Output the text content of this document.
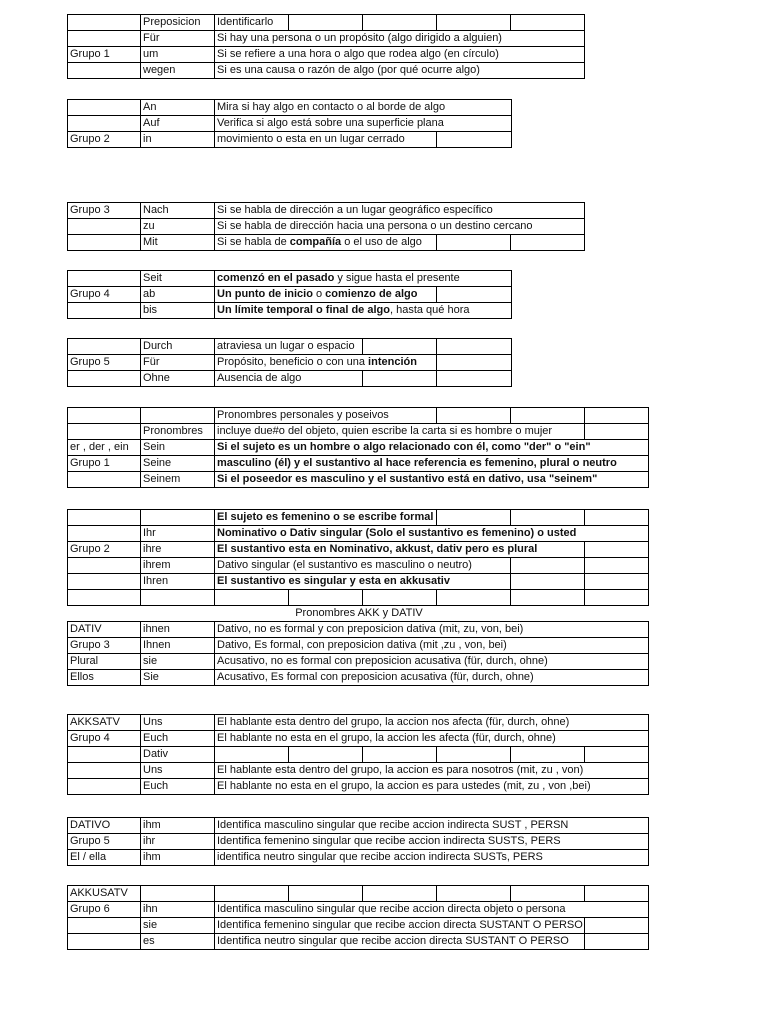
	Preposicion	Identificarlo				
	Für	Si hay una persona o un propósito (algo dirigido a alguien)				
Grupo 1	um	Si se refiere a una hora o algo que rodea algo (en círculo)				
	wegen	Si es una causa o razón de algo (por qué ocurre algo)				
	An	Mira si hay algo en contacto o al borde de algo	
	Auf	Verifica si algo está sobre una superficie plana	
Grupo 2	in	movimiento o esta en un lugar cerrado	
Grupo 3	Nach	Si se habla de dirección a un lugar geográfico específico		
	zu	Si se habla de dirección hacia una persona o un destino cercano		
	Mit	Si se habla de compañía o el uso de algo		
	Seit	comenzó en el pasado y sigue hasta el presente	
Grupo 4	ab	Un punto de inicio o comienzo de algo	
	bis	Un límite temporal o final de algo, hasta qué hora	
	Durch	atraviesa un lugar o espacio		
Grupo 5	Für	Propósito, beneficio o con una intención		
	Ohne	Ausencia de algo		
		Pronombres personales y poseivos			
	Pronombres	incluye due#o del objeto, quien escribe la carta si es hombre o mujer			
er , der , ein	Sein	Si el sujeto es un hombre o algo relacionado con él, como "der" o "ein"			
Grupo 1	Seine	masculino (él) y el sustantivo al hace referencia es femenino, plural o neutro			
	Seinem	Si el poseedor es masculino y el sustantivo está en dativo, usa "seinem"			
		El sujeto es femenino o se escribe formal					
	Ihr	Nominativo o Dativ singular (Solo el sustantivo es femenino) o usted					
Grupo 2	ihre	El sustantivo esta en Nominativo, akkust, dativ pero es plural					
	ihrem	Dativo singular (el sustantivo es masculino o neutro)					
	Ihren	El sustantivo es singular y esta en akkusativ					

Pronombres AKK y DATIV							
DATIV	ihnen	Dativo, no es formal y con preposicion dativa (mit, zu, von, bei)					
Grupo 3	Ihnen	Dativo, Es formal, con preposicion dativa (mit ,zu , von, bei)					
Plural	sie	Acusativo, no es formal con preposicion acusativa (für, durch, ohne)					
Ellos	Sie	Acusativo, Es formal con preposicion acusativa (für, durch, ohne)					
AKKSATV	Uns	El hablante esta dentro del grupo, la accion nos afecta (für, durch, ohne)					
Grupo 4	Euch	El hablante no esta en el grupo, la accion les afecta (für, durch, ohne)					
	Dativ						
	Uns	El hablante esta dentro del grupo, la accion es para nosotros (mit, zu , von)					
	Euch	El hablante no esta en el grupo, la accion es para ustedes (mit, zu , von ,bei)					
DATIVO	ihm	Identifica masculino singular que recibe accion indirecta SUST , PERSN
Grupo 5	ihr	Identifica femenino singular que recibe accion indirecta SUSTS, PERS
El / ella	ihm	identifica neutro singular que recibe accion indirecta SUSTs, PERS
AKKUSATV							
Grupo 6	ihn	Identifica masculino singular que recibe accion directa objeto o persona					
	sie	Identifica femenino singular que recibe accion directa SUSTANT O PERSO					
	es	Identifica neutro singular que recibe accion directa SUSTANT O PERSO					
